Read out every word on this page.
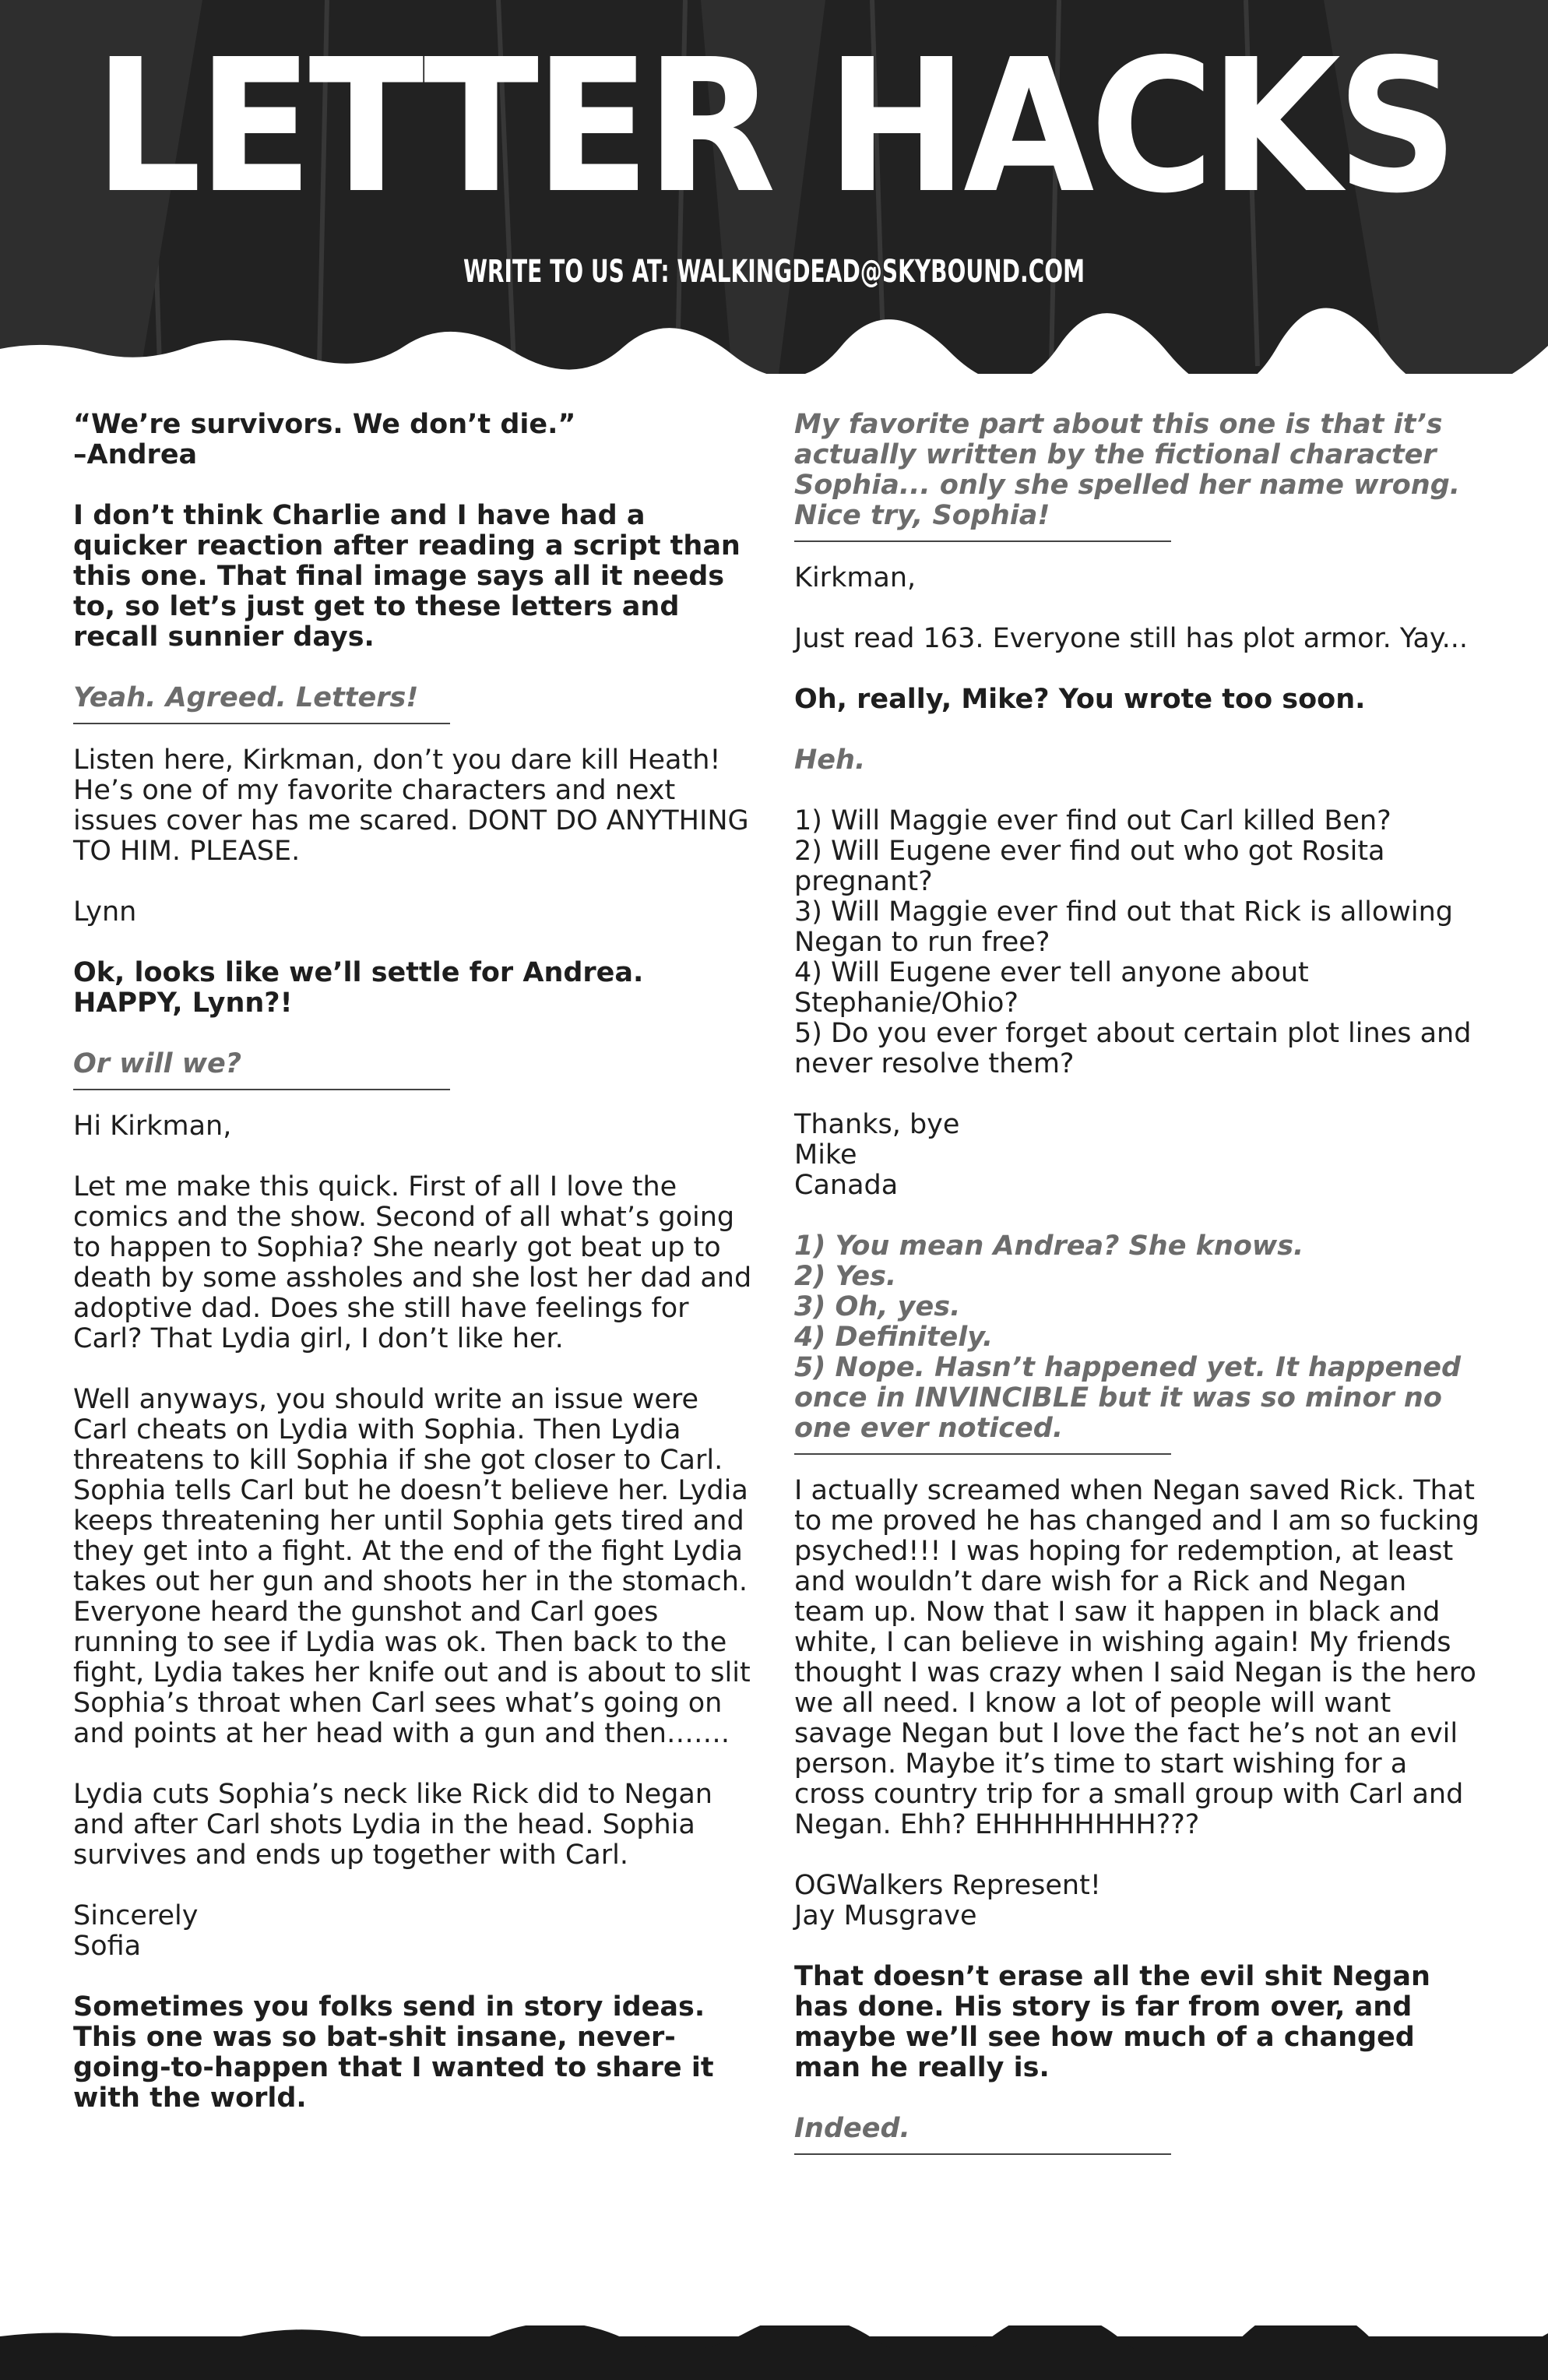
LETTER HACKS
WRITE TO US AT: WALKINGDEAD@SKYBOUND.COM

“We’re survivors. We don’t die.”
–Andrea

I don’t think Charlie and I have had a quicker reaction after reading a script than this one. That final image says all it needs to, so let’s just get to these letters and recall sunnier days.

Yeah. Agreed. Letters!

Listen here, Kirkman, don’t you dare kill Heath! He’s one of my favorite characters and next issues cover has me scared. DONT DO ANYTHING TO HIM. PLEASE.

Lynn

Ok, looks like we’ll settle for Andrea. HAPPY, Lynn?!

Or will we?

Hi Kirkman,

Let me make this quick. First of all I love the comics and the show. Second of all what’s going to happen to Sophia? She nearly got beat up to death by some assholes and she lost her dad and adoptive dad. Does she still have feelings for Carl? That Lydia girl, I don’t like her.

Well anyways, you should write an issue were Carl cheats on Lydia with Sophia. Then Lydia threatens to kill Sophia if she got closer to Carl. Sophia tells Carl but he doesn’t believe her. Lydia keeps threatening her until Sophia gets tired and they get into a fight. At the end of the fight Lydia takes out her gun and shoots her in the stomach. Everyone heard the gunshot and Carl goes running to see if Lydia was ok. Then back to the fight, Lydia takes her knife out and is about to slit Sophia’s throat when Carl sees what’s going on and points at her head with a gun and then…….

Lydia cuts Sophia’s neck like Rick did to Negan and after Carl shots Lydia in the head. Sophia survives and ends up together with Carl.

Sincerely
Sofia

Sometimes you folks send in story ideas. This one was so bat-shit insane, never-going-to-happen that I wanted to share it with the world.

My favorite part about this one is that it’s actually written by the fictional character Sophia... only she spelled her name wrong. Nice try, Sophia!

Kirkman,

Just read 163. Everyone still has plot armor. Yay...

Oh, really, Mike? You wrote too soon.

Heh.

1) Will Maggie ever find out Carl killed Ben?
2) Will Eugene ever find out who got Rosita pregnant?
3) Will Maggie ever find out that Rick is allowing Negan to run free?
4) Will Eugene ever tell anyone about Stephanie/Ohio?
5) Do you ever forget about certain plot lines and never resolve them?

Thanks, bye
Mike
Canada

1) You mean Andrea? She knows.
2) Yes.
3) Oh, yes.
4) Definitely.
5) Nope. Hasn’t happened yet. It happened once in INVINCIBLE but it was so minor no one ever noticed.

I actually screamed when Negan saved Rick. That to me proved he has changed and I am so fucking psyched!!! I was hoping for redemption, at least and wouldn’t dare wish for a Rick and Negan team up. Now that I saw it happen in black and white, I can believe in wishing again! My friends thought I was crazy when I said Negan is the hero we all need. I know a lot of people will want savage Negan but I love the fact he’s not an evil person. Maybe it’s time to start wishing for a cross country trip for a small group with Carl and Negan. Ehh? EHHHHHHHH???

OGWalkers Represent!
Jay Musgrave

That doesn’t erase all the evil shit Negan has done. His story is far from over, and maybe we’ll see how much of a changed man he really is.

Indeed.
